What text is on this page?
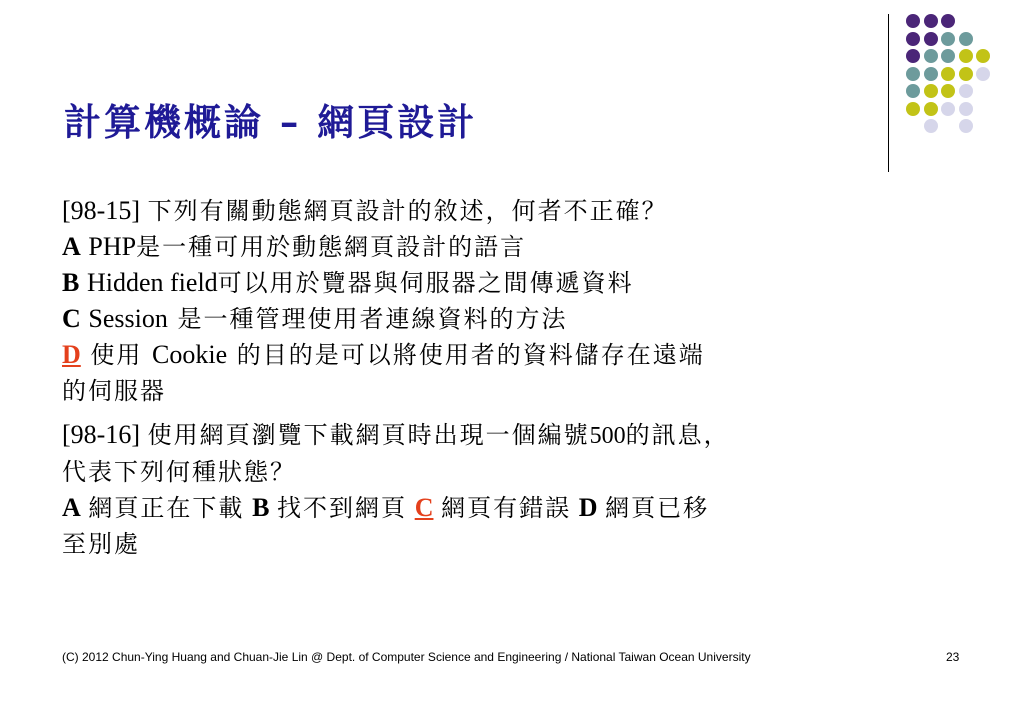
計算機概論 – 網頁設計

[98-15] 下列有關動態網頁設計的敘述，何者不正確？

A PHP是一種可用於動態網頁設計的語言

B Hidden field可以用於覽器與伺服器之間傳遞資料

C Session 是一種管理使用者連線資料的方法

D 使用 Cookie 的目的是可以將使用者的資料儲存在遠端

的伺服器

[98-16] 使用網頁瀏覽下載網頁時出現一個編號500的訊息，

代表下列何種狀態？

A 網頁正在下載 B 找不到網頁 C 網頁有錯誤 D 網頁已移

至別處

(C) 2012 Chun-Ying Huang and Chuan-Jie Lin @ Dept. of Computer Science and Engineering / National Taiwan Ocean University	23
